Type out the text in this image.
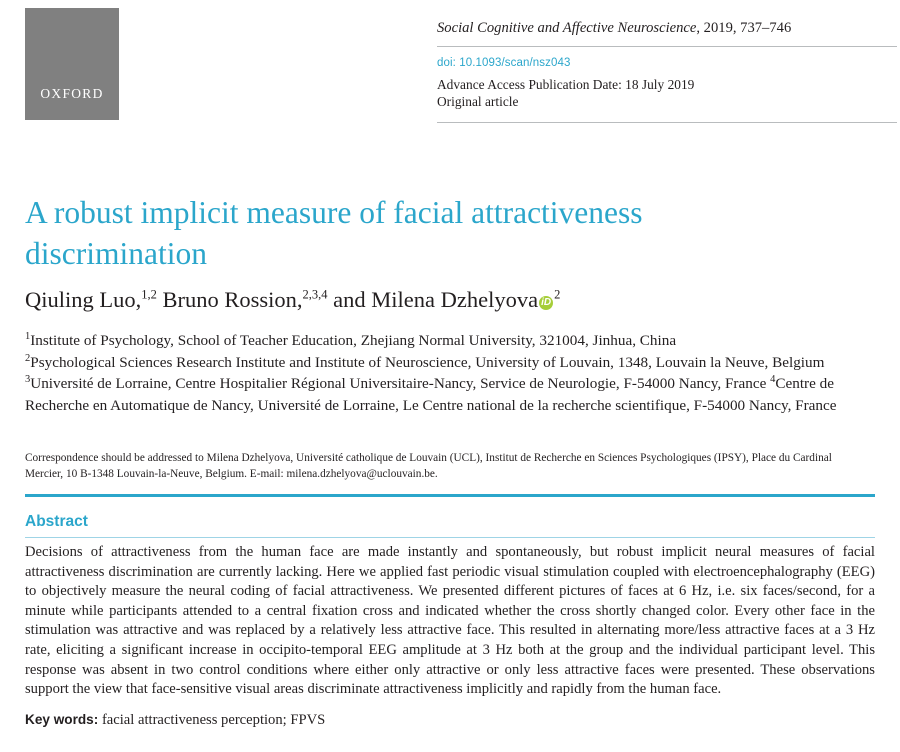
OXFORD
Social Cognitive and Affective Neuroscience, 2019, 737–746
doi: 10.1093/scan/nsz043
Advance Access Publication Date: 18 July 2019
Original article
A robust implicit measure of facial attractiveness discrimination
Qiuling Luo,$^{1,2}$ Bruno Rossion,$^{2,3,4}$ and Milena Dzhelyova $iD^2$
$^1$Institute of Psychology, School of Teacher Education, Zhejiang Normal University, 321004, Jinhua, China
$^2$Psychological Sciences Research Institute and Institute of Neuroscience, University of Louvain, 1348, Louvain la Neuve, Belgium $^3$Université de Lorraine, Centre Hospitalier Régional Universitaire-Nancy, Service de Neurologie, F-54000 Nancy, France $^4$Centre de Recherche en Automatique de Nancy, Université de Lorraine, Le Centre national de la recherche scientifique, F-54000 Nancy, France
Correspondence should be addressed to Milena Dzhelyova, Université catholique de Louvain (UCL), Institut de Recherche en Sciences Psychologiques (IPSY), Place du Cardinal Mercier, 10 B-1348 Louvain-la-Neuve, Belgium. E-mail: milena.dzhelyova@uclouvain.be.
Abstract
Decisions of attractiveness from the human face are made instantly and spontaneously, but robust implicit neural measures of facial attractiveness discrimination are currently lacking. Here we applied fast periodic visual stimulation coupled with electroencephalography (EEG) to objectively measure the neural coding of facial attractiveness. We presented different pictures of faces at 6 Hz, i.e. six faces/second, for a minute while participants attended to a central fixation cross and indicated whether the cross shortly changed color. Every other face in the stimulation was attractive and was replaced by a relatively less attractive face. This resulted in alternating more/less attractive faces at a 3 Hz rate, eliciting a significant increase in occipito-temporal EEG amplitude at 3 Hz both at the group and the individual participant level. This response was absent in two control conditions where either only attractive or only less attractive faces were presented. These observations support the view that face-sensitive visual areas discriminate attractiveness implicitly and rapidly from the human face.
Key words: facial attractiveness perception; FPVS
